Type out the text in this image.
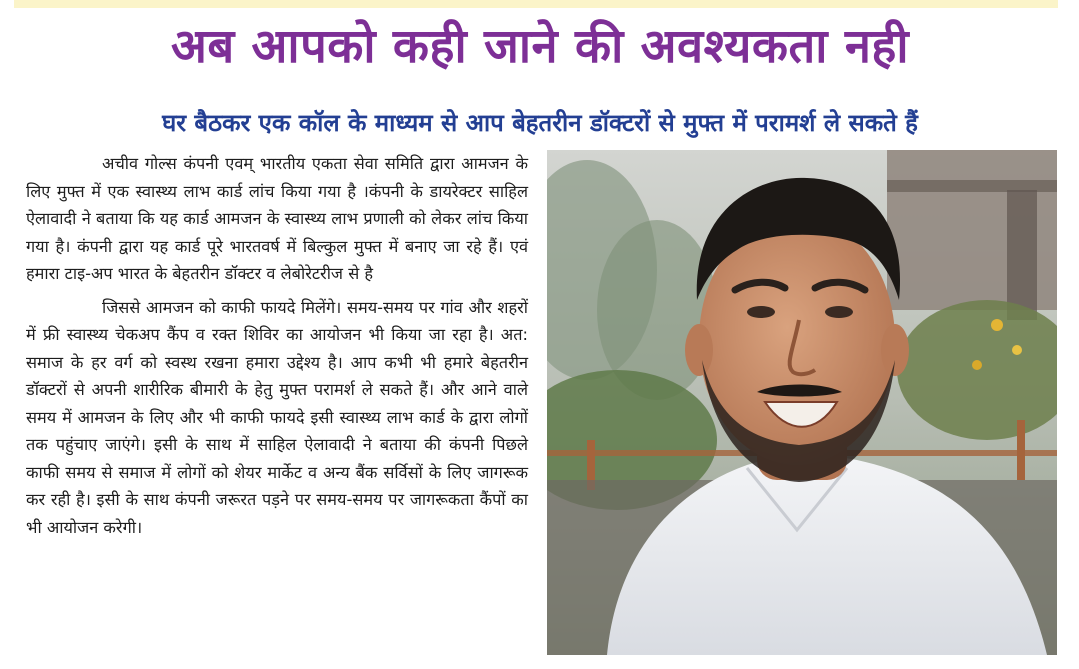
अब आपको कही जाने की अवश्यकता नही
घर बैठकर एक कॉल के माध्यम से आप बेहतरीन डॉक्टरों से मुफ्त में परामर्श ले सकते हैं

अचीव गोल्स कंपनी एवम् भारतीय एकता सेवा समिति द्वारा आमजन के लिए मुफ्त में एक स्वास्थ्य लाभ कार्ड लांच किया गया है ।कंपनी के डायरेक्टर साहिल ऐलावादी ने बताया कि यह कार्ड आमजन के स्वास्थ्य लाभ प्रणाली को लेकर लांच किया गया है। कंपनी द्वारा यह कार्ड पूरे भारतवर्ष में बिल्कुल मुफ्त में बनाए जा रहे हैं। एवं हमारा टाइ-अप भारत के बेहतरीन डॉक्टर व लेबोरेटरीज से है

जिससे आमजन को काफी फायदे मिलेंगे। समय-समय पर गांव और शहरों में फ्री स्वास्थ्य चेकअप कैंप व रक्त शिविर का आयोजन भी किया जा रहा है। अत: समाज के हर वर्ग को स्वस्थ रखना हमारा उद्देश्य है। आप कभी भी हमारे बेहतरीन डॉक्टरों से अपनी शारीरिक बीमारी के हेतु मुफ्त परामर्श ले सकते हैं। और आने वाले समय में आमजन के लिए और भी काफी फायदे इसी स्वास्थ्य लाभ कार्ड के द्वारा लोगों तक पहुंचाए जाएंगे। इसी के साथ में साहिल ऐलावादी ने बताया की कंपनी पिछले काफी समय से समाज में लोगों को शेयर मार्केट व अन्य बैंक सर्विसों के लिए जागरूक कर रही है। इसी के साथ कंपनी जरूरत पड़ने पर समय-समय पर जागरूकता कैंपों का भी आयोजन करेगी।
